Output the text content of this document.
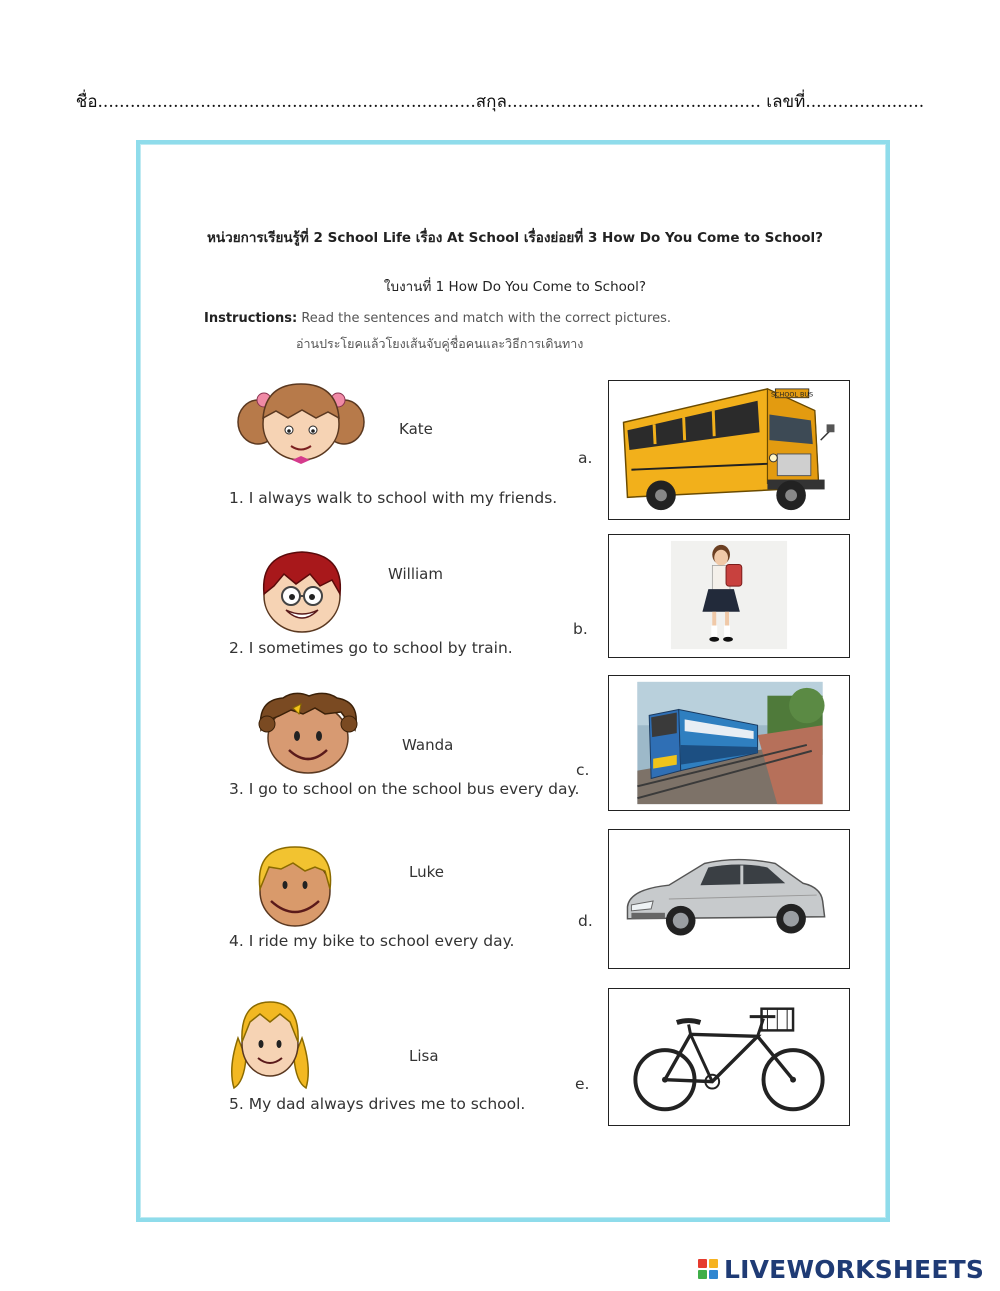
ชื่อ......................................................................สกุล............................................... เลขที่......................
หน่วยการเรียนรู้ที่ 2 School Life เรื่อง At School เรื่องย่อยที่ 3 How Do You Come to School?
ใบงานที่ 1 How Do You Come to School?
Instructions: Read the sentences and match with the correct pictures.
อ่านประโยคแล้วโยงเส้นจับคู่ชื่อคนและวิธีการเดินทาง
Kate
1. I always walk to school with my friends.
a.
SCHOOL BUS
William
2. I sometimes go to school by train.
b.
Wanda
3. I go to school on the school bus every day.
c.
Luke
4. I ride my bike to school every day.
d.
Lisa
5. My dad always drives me to school.
e.
LIVEWORKSHEETS
